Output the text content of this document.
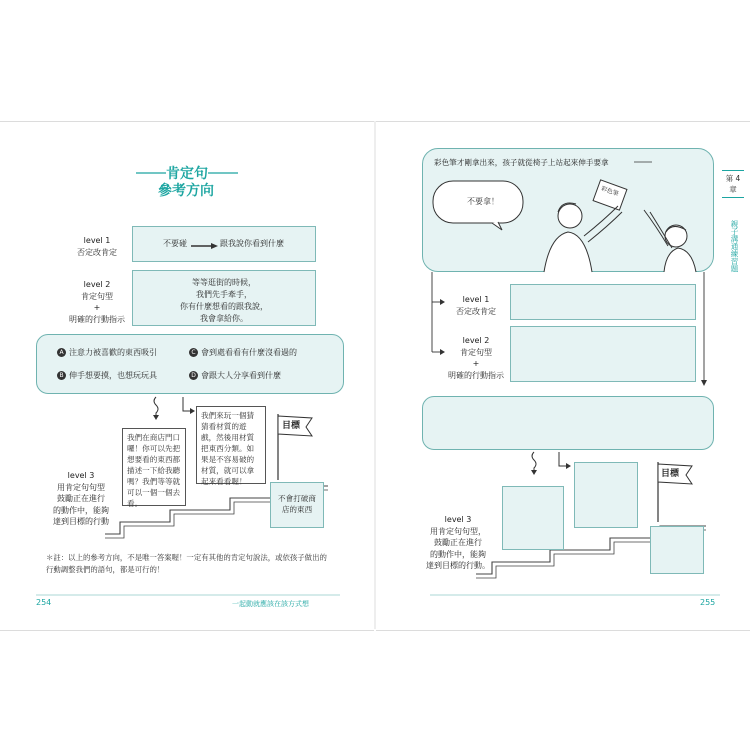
肯定句
參考方向
level 1
否定改肯定
不要碰	跟我說你看到什麼
level 2
肯定句型
+
明確的行動指示
等等逛街的時候，
我們先手牽手，
你有什麼想看的跟我說，
我會拿給你。
A 注意力被喜歡的東西吸引	C 會到處看看有什麼沒看過的
B 伸手想要摸，也想玩玩具	D 會跟大人分享看到什麼
我們在商店門口囉！你可以先把想要看的東西都描述一下給我聽嗎？我們等等就可以一個一個去看。
我們來玩一個猜猜看材質的遊戲，然後用材質把東西分類。如果是不容易破的材質，就可以拿起來看看喔！
不會打破商店的東西
目標
level 3
用肯定句句型
鼓勵正在進行
的動作中，能夠
達到目標的行動
＊註：以上的參考方向，不是唯一答案喔！一定有其他的肯定句說法，或依孩子做出的行動調整我們的語句，都是可行的！
254	一起動就應該在該方式想
彩色筆才剛拿出來，孩子就從椅子上站起來伸手要拿
不要拿！
彩色筆
level 1
否定改肯定
level 2
肯定句型
+
明確的行動指示
目標
level 3
用肯定句句型，
鼓勵正在進行
的動作中，能夠
達到目標的行動。
第 4 章
親子溝通練習題
255
